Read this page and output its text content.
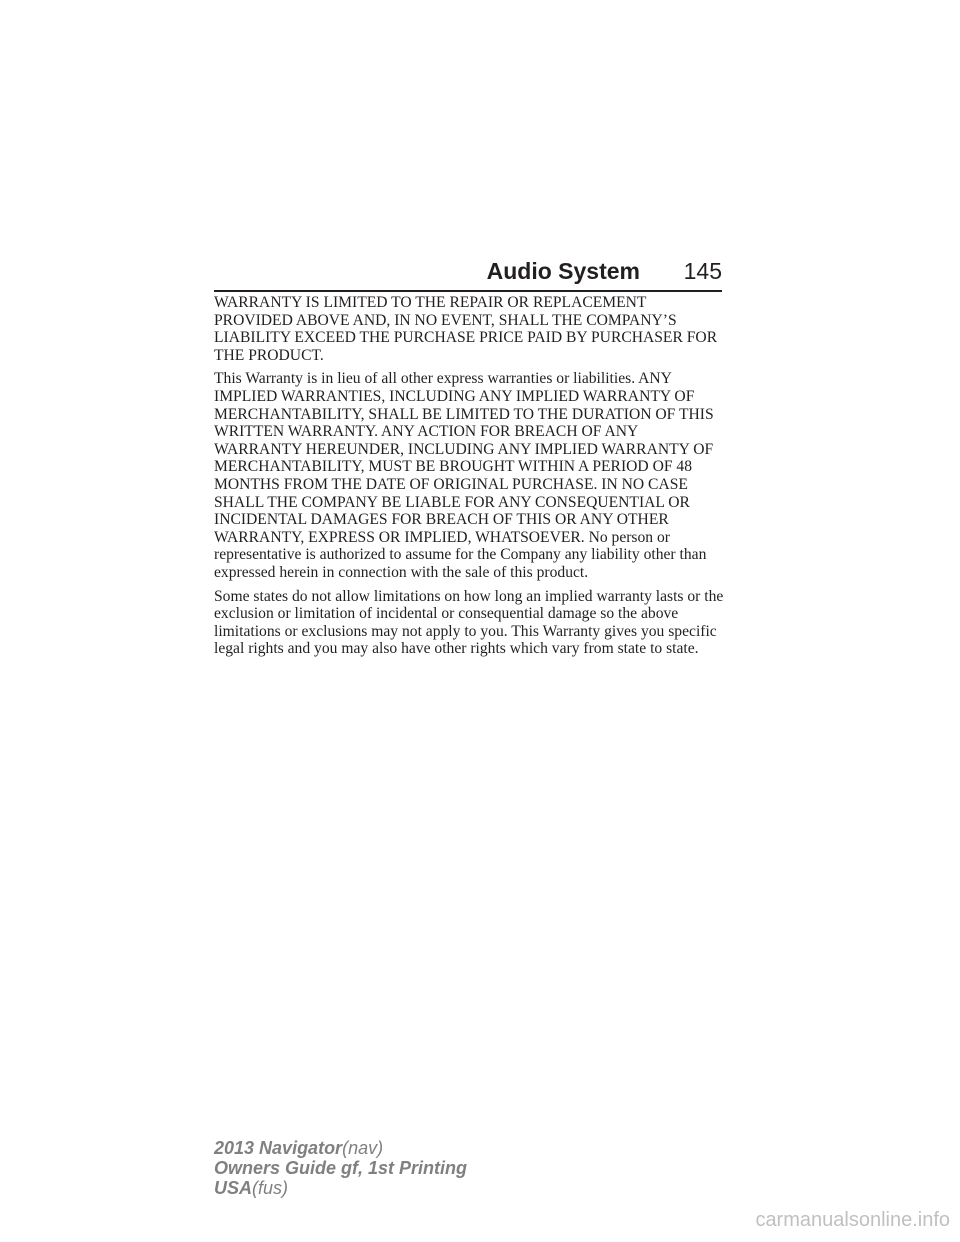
Audio System 145

WARRANTY IS LIMITED TO THE REPAIR OR REPLACEMENT PROVIDED ABOVE AND, IN NO EVENT, SHALL THE COMPANY’S LIABILITY EXCEED THE PURCHASE PRICE PAID BY PURCHASER FOR THE PRODUCT.

This Warranty is in lieu of all other express warranties or liabilities. ANY IMPLIED WARRANTIES, INCLUDING ANY IMPLIED WARRANTY OF MERCHANTABILITY, SHALL BE LIMITED TO THE DURATION OF THIS WRITTEN WARRANTY. ANY ACTION FOR BREACH OF ANY WARRANTY HEREUNDER, INCLUDING ANY IMPLIED WARRANTY OF MERCHANTABILITY, MUST BE BROUGHT WITHIN A PERIOD OF 48 MONTHS FROM THE DATE OF ORIGINAL PURCHASE. IN NO CASE SHALL THE COMPANY BE LIABLE FOR ANY CONSEQUENTIAL OR INCIDENTAL DAMAGES FOR BREACH OF THIS OR ANY OTHER WARRANTY, EXPRESS OR IMPLIED, WHATSOEVER. No person or representative is authorized to assume for the Company any liability other than expressed herein in connection with the sale of this product.

Some states do not allow limitations on how long an implied warranty lasts or the exclusion or limitation of incidental or consequential damage so the above limitations or exclusions may not apply to you. This Warranty gives you specific legal rights and you may also have other rights which vary from state to state.

2013 Navigator(nav)
Owners Guide gf, 1st Printing
USA(fus)
carmanualsonline.info
